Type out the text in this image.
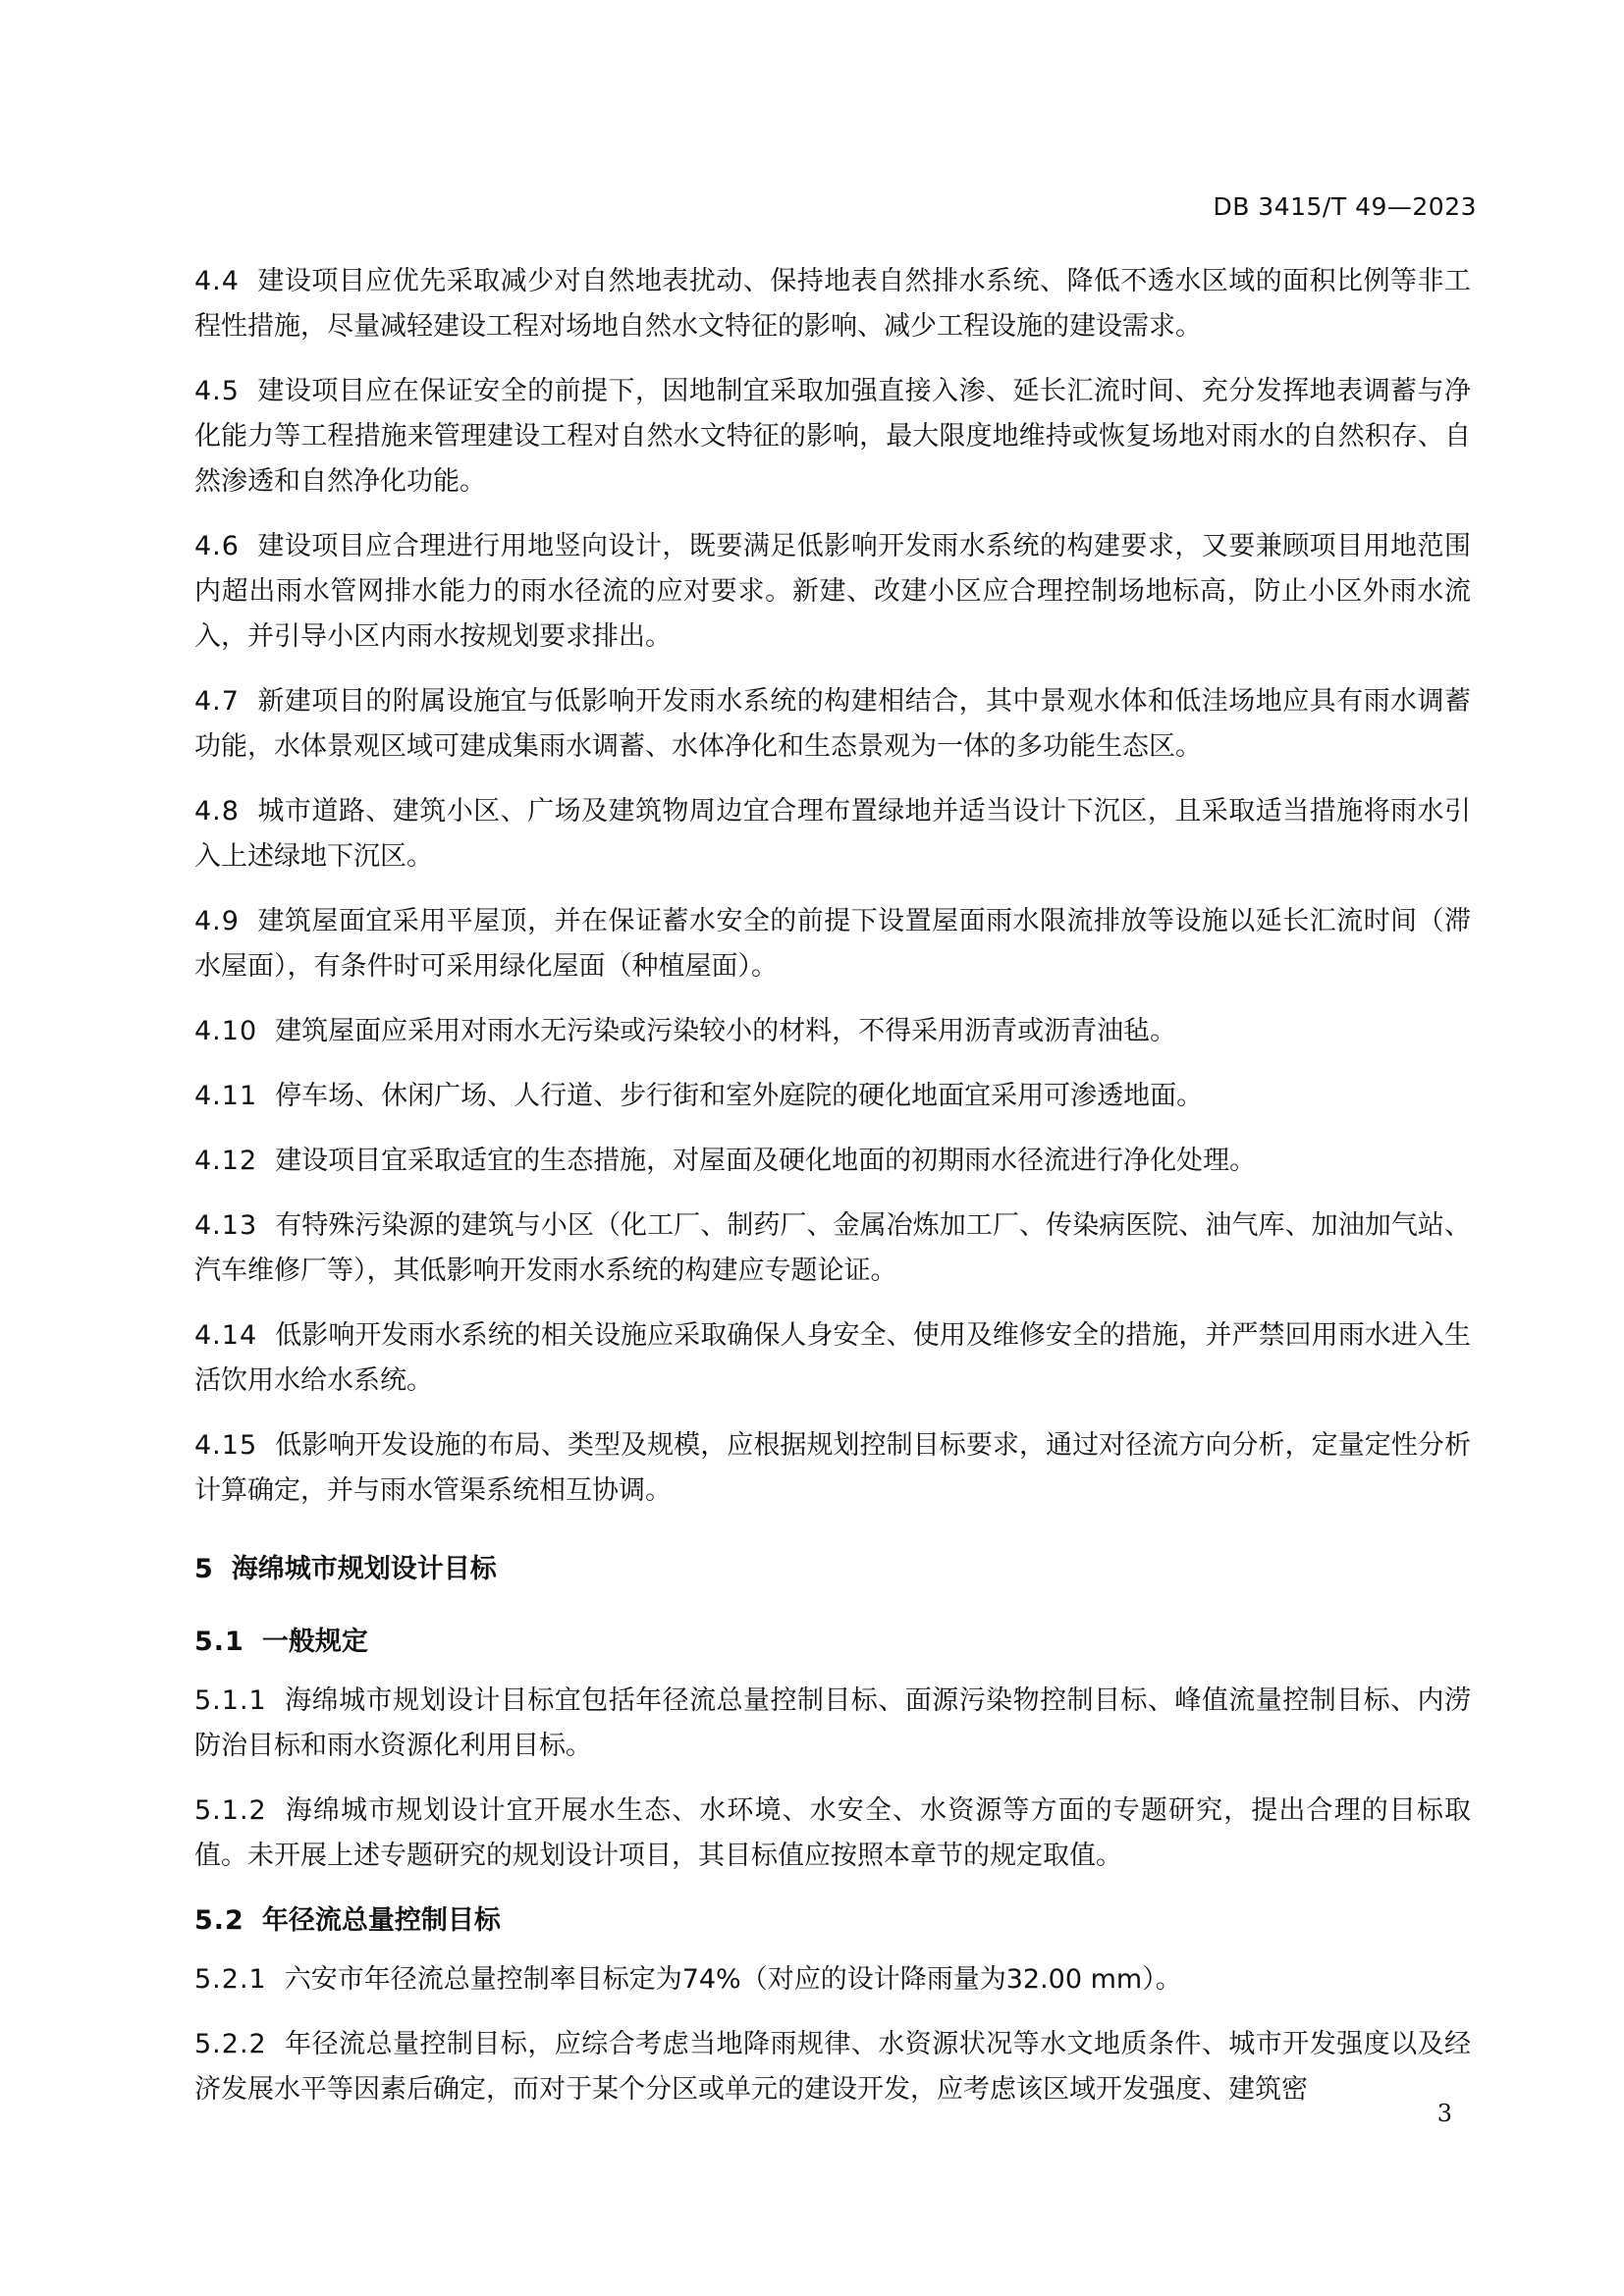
DB 3415/T 49—2023

4.4 建设项目应优先采取减少对自然地表扰动、保持地表自然排水系统、降低不透水区域的面积比例等非工程性措施，尽量减轻建设工程对场地自然水文特征的影响、减少工程设施的建设需求。

4.5 建设项目应在保证安全的前提下，因地制宜采取加强直接入渗、延长汇流时间、充分发挥地表调蓄与净化能力等工程措施来管理建设工程对自然水文特征的影响，最大限度地维持或恢复场地对雨水的自然积存、自然渗透和自然净化功能。

4.6 建设项目应合理进行用地竖向设计，既要满足低影响开发雨水系统的构建要求，又要兼顾项目用地范围内超出雨水管网排水能力的雨水径流的应对要求。新建、改建小区应合理控制场地标高，防止小区外雨水流入，并引导小区内雨水按规划要求排出。

4.7 新建项目的附属设施宜与低影响开发雨水系统的构建相结合，其中景观水体和低洼场地应具有雨水调蓄功能，水体景观区域可建成集雨水调蓄、水体净化和生态景观为一体的多功能生态区。

4.8 城市道路、建筑小区、广场及建筑物周边宜合理布置绿地并适当设计下沉区，且采取适当措施将雨水引入上述绿地下沉区。

4.9 建筑屋面宜采用平屋顶，并在保证蓄水安全的前提下设置屋面雨水限流排放等设施以延长汇流时间（滞水屋面），有条件时可采用绿化屋面（种植屋面）。

4.10 建筑屋面应采用对雨水无污染或污染较小的材料，不得采用沥青或沥青油毡。

4.11 停车场、休闲广场、人行道、步行街和室外庭院的硬化地面宜采用可渗透地面。

4.12 建设项目宜采取适宜的生态措施，对屋面及硬化地面的初期雨水径流进行净化处理。

4.13 有特殊污染源的建筑与小区（化工厂、制药厂、金属冶炼加工厂、传染病医院、油气库、加油加气站、汽车维修厂等），其低影响开发雨水系统的构建应专题论证。

4.14 低影响开发雨水系统的相关设施应采取确保人身安全、使用及维修安全的措施，并严禁回用雨水进入生活饮用水给水系统。

4.15 低影响开发设施的布局、类型及规模，应根据规划控制目标要求，通过对径流方向分析，定量定性分析计算确定，并与雨水管渠系统相互协调。

5 海绵城市规划设计目标
5.1 一般规定

5.1.1 海绵城市规划设计目标宜包括年径流总量控制目标、面源污染物控制目标、峰值流量控制目标、内涝防治目标和雨水资源化利用目标。

5.1.2 海绵城市规划设计宜开展水生态、水环境、水安全、水资源等方面的专题研究，提出合理的目标取值。未开展上述专题研究的规划设计项目，其目标值应按照本章节的规定取值。

5.2 年径流总量控制目标

5.2.1 六安市年径流总量控制率目标定为74%（对应的设计降雨量为32.00 mm）。

5.2.2 年径流总量控制目标，应综合考虑当地降雨规律、水资源状况等水文地质条件、城市开发强度以及经济发展水平等因素后确定，而对于某个分区或单元的建设开发，应考虑该区域开发强度、建筑密

3
